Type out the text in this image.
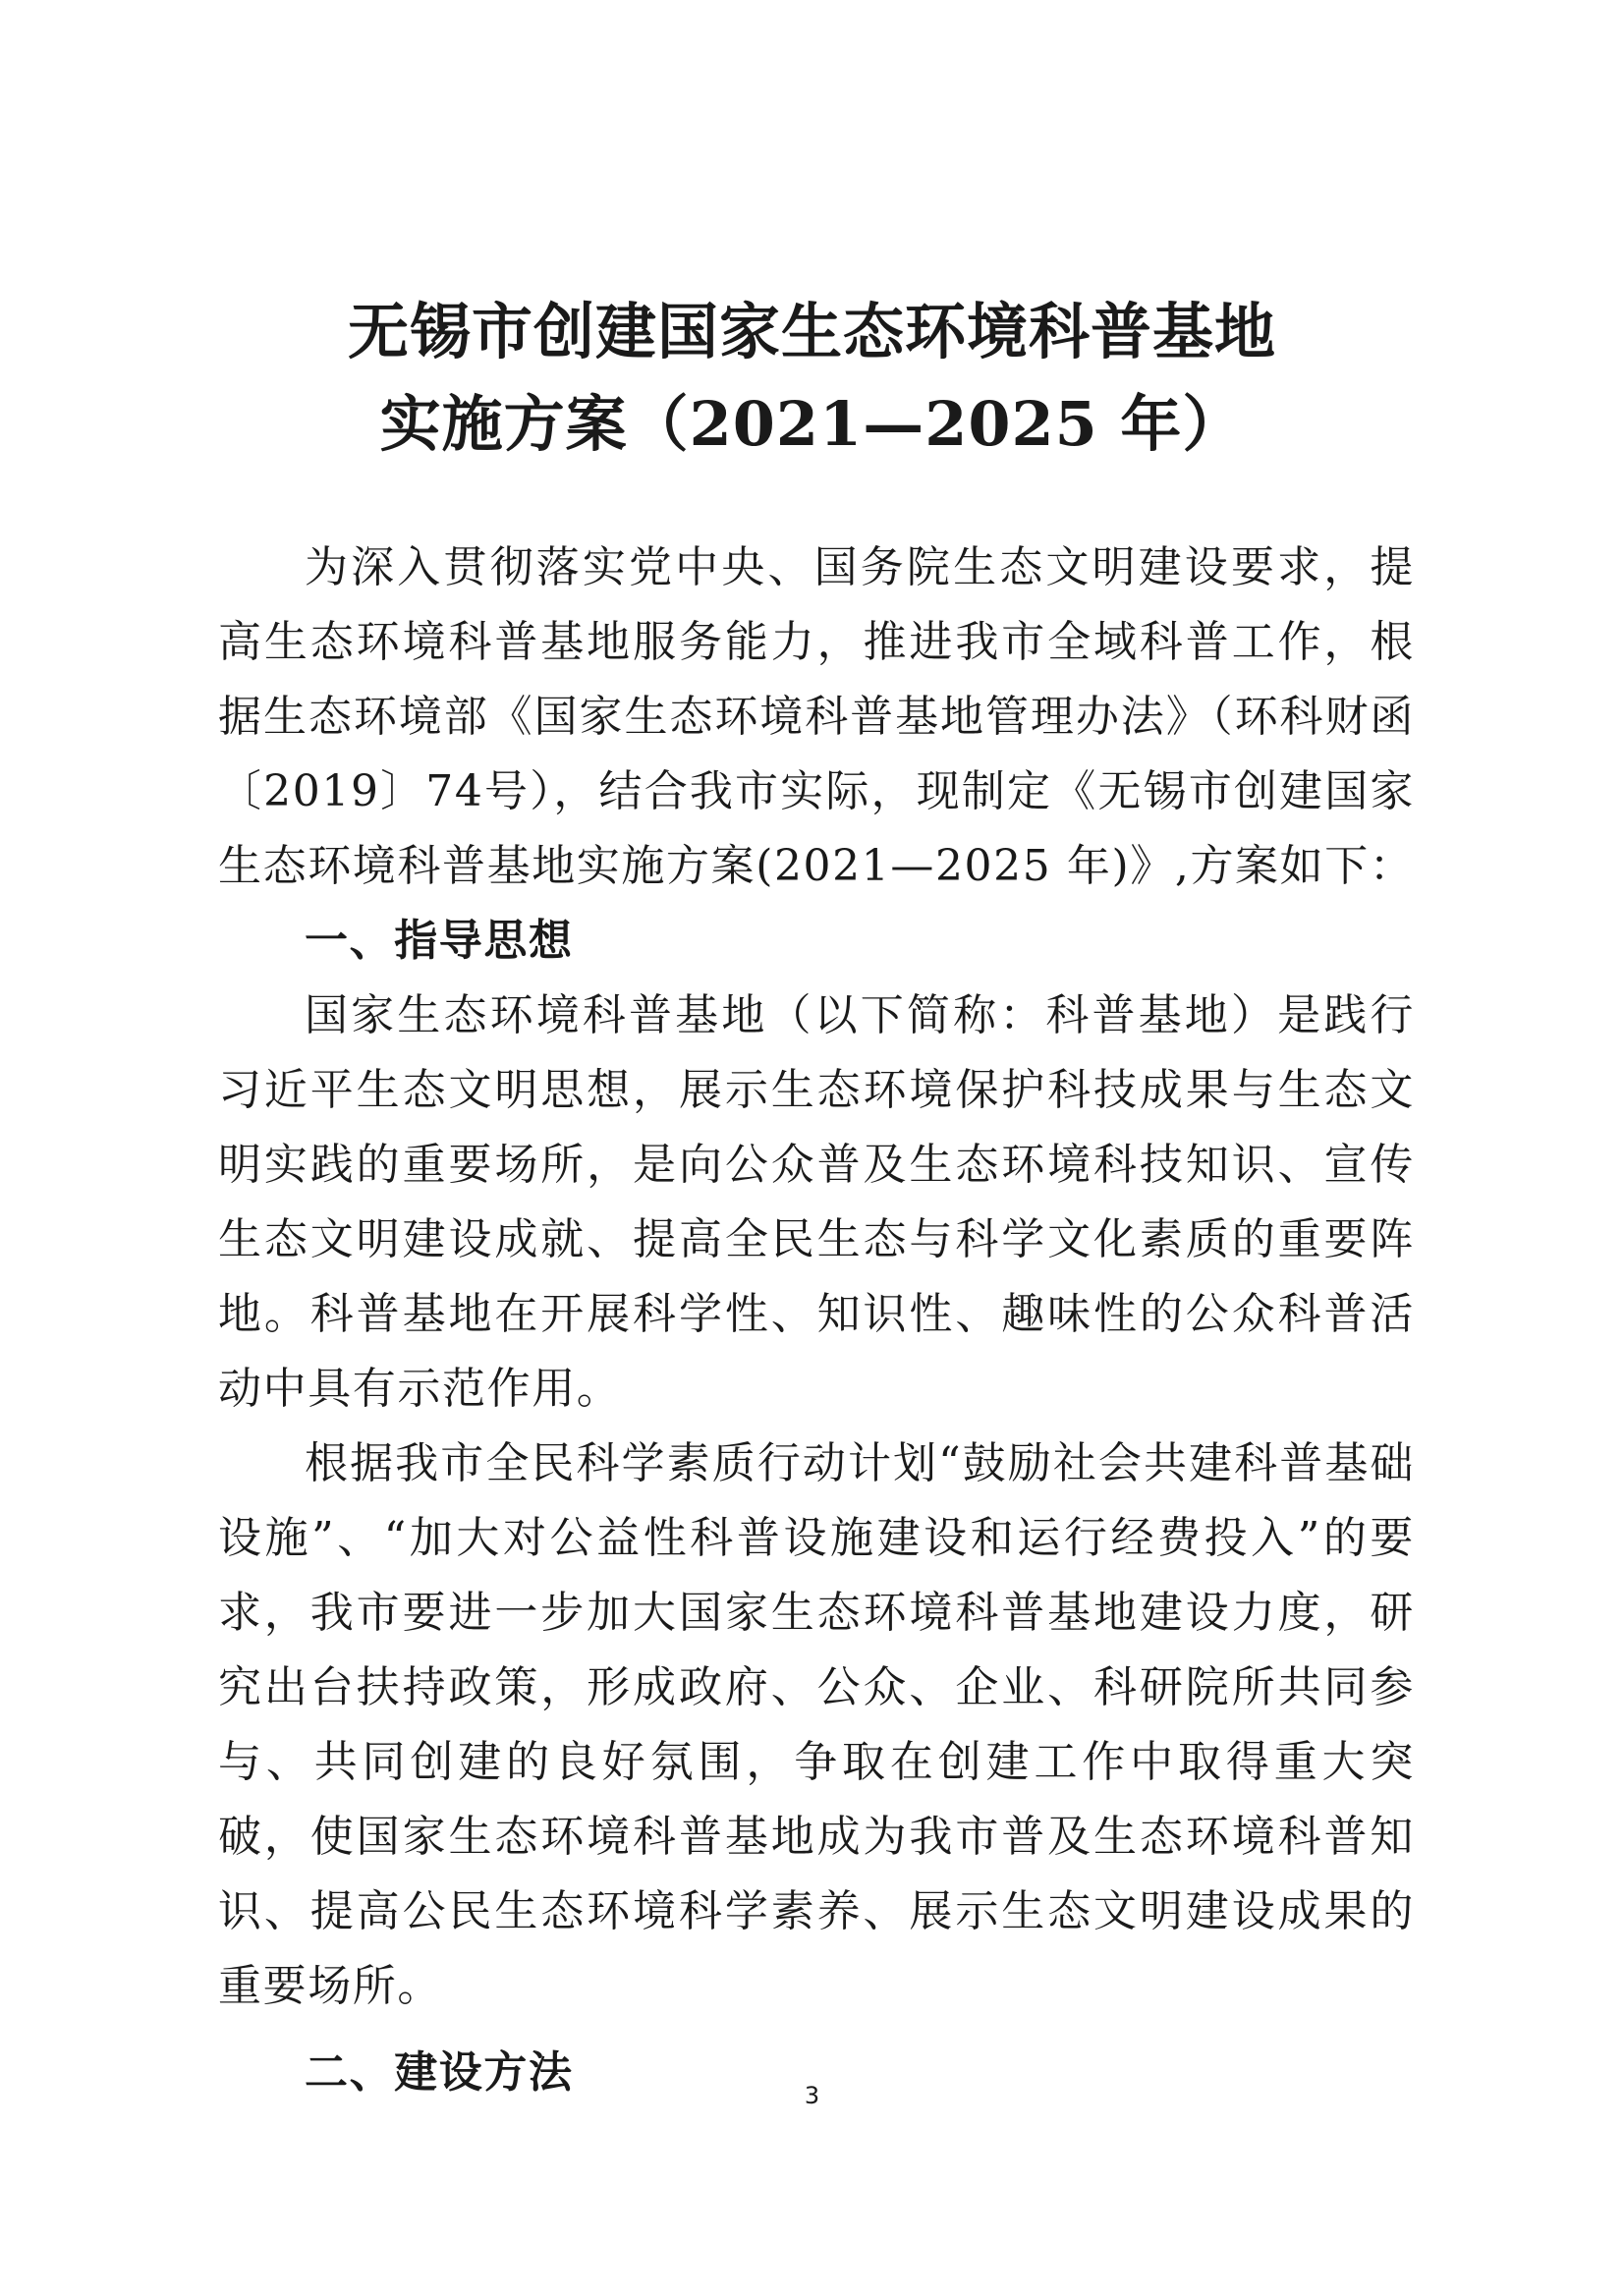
无锡市创建国家生态环境科普基地
实施方案（2021—2025 年）

为深入贯彻落实党中央、国务院生态文明建设要求，提高生态环境科普基地服务能力，推进我市全域科普工作，根据生态环境部《国家生态环境科普基地管理办法》（环科财函〔2019〕74号），结合我市实际，现制定《无锡市创建国家生态环境科普基地实施方案(2021—2025 年)》,方案如下：

一、指导思想

国家生态环境科普基地（以下简称：科普基地）是践行习近平生态文明思想，展示生态环境保护科技成果与生态文明实践的重要场所，是向公众普及生态环境科技知识、宣传生态文明建设成就、提高全民生态与科学文化素质的重要阵地。科普基地在开展科学性、知识性、趣味性的公众科普活动中具有示范作用。

根据我市全民科学素质行动计划“鼓励社会共建科普基础设施”、“加大对公益性科普设施建设和运行经费投入”的要求，我市要进一步加大国家生态环境科普基地建设力度，研究出台扶持政策，形成政府、公众、企业、科研院所共同参与、共同创建的良好氛围，争取在创建工作中取得重大突破，使国家生态环境科普基地成为我市普及生态环境科普知识、提高公民生态环境科学素养、展示生态文明建设成果的重要场所。

二、建设方法	3
